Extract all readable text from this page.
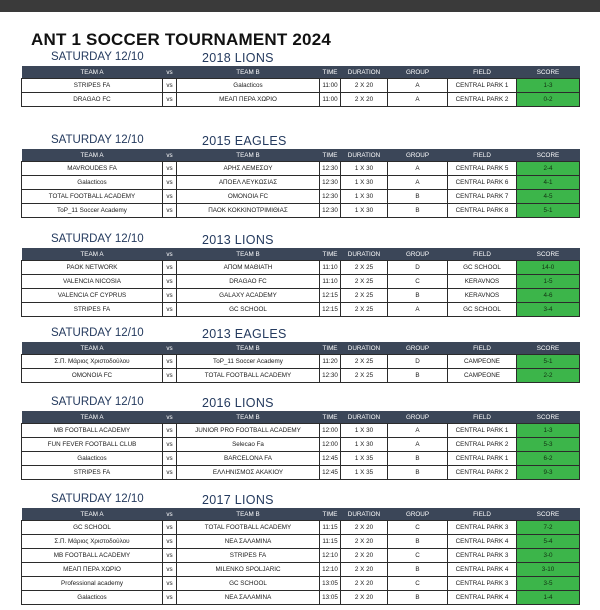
ANT 1 SOCCER TOURNAMENT 2024
SATURDAY 12/10	2018 LIONS
TEAM A	vs	TEAM B	TIME	DURATION	GROUP	FIELD	SCORE
STRIPES FA	vs	Galacticos	11:00	2 X 20	A	CENTRAL PARK 1	1-3
DRAGAO FC	vs	ΜΕΑΠ ΠΕΡΑ ΧΩΡΙΟ	11:00	2 X 20	A	CENTRAL PARK 2	0-2
SATURDAY 12/10	2015 EAGLES
TEAM A	vs	TEAM B	TIME	DURATION	GROUP	FIELD	SCORE
MAVROUDES FA	vs	ΑΡΗΣ ΛΕΜΕΣΟΥ	12:30	1 X 30	A	CENTRAL PARK 5	2-4
Galacticos	vs	ΑΠΟΕΛ ΛΕΥΚΩΣΙΑΣ	12:30	1 X 30	A	CENTRAL PARK 6	4-1
TOTAL FOOTBALL ACADEMY	vs	OMONOIA FC	12:30	1 X 30	B	CENTRAL PARK 7	4-5
ToP_11 Soccer Academy	vs	ΠΑΟΚ ΚΟΚΚΙΝΟΤΡΙΜΙΘΙΑΣ	12:30	1 X 30	B	CENTRAL PARK 8	5-1
SATURDAY 12/10	2013 LIONS
TEAM A	vs	TEAM B	TIME	DURATION	GROUP	FIELD	SCORE
PAOK NETWORK	vs	ΑΠΟΜ ΜΑΘΙΑΤΗ	11:10	2 X 25	D	GC SCHOOL	14-0
VALENCIA NICOSIA	vs	DRAGAO FC	11:10	2 X 25	C	KERAVNOS	1-5
VALENCIA CF CYPRUS	vs	GALAXY ACADEMY	12:15	2 X 25	B	KERAVNOS	4-6
STRIPES FA	vs	GC SCHOOL	12:15	2 X 25	A	GC SCHOOL	3-4
SATURDAY 12/10	2013 EAGLES
TEAM A	vs	TEAM B	TIME	DURATION	GROUP	FIELD	SCORE
Σ.Π. Μάριος Χριστοδούλου	vs	ToP_11 Soccer Academy	11:20	2 X 25	D	CAMPEONE	5-1
OMONOIA FC	vs	TOTAL FOOTBALL ACADEMY	12:30	2 X 25	B	CAMPEONE	2-2
SATURDAY 12/10	2016 LIONS
TEAM A	vs	TEAM B	TIME	DURATION	GROUP	FIELD	SCORE
MB FOOTBALL ACADEMY	vs	JUNIOR PRO FOOTBALL ACADEMY	12:00	1 X 30	A	CENTRAL PARK 1	1-3
FUN FEVER FOOTBALL CLUB	vs	Selecao Fa	12:00	1 X 30	A	CENTRAL PARK 2	5-3
Galacticos	vs	BARCELONA FA	12:45	1 X 35	B	CENTRAL PARK 1	6-2
STRIPES FA	vs	ΕΛΛΗΝΙΣΜΟΣ ΑΚΑΚΙΟΥ	12:45	1 X 35	B	CENTRAL PARK 2	9-3
SATURDAY 12/10	2017 LIONS
TEAM A	vs	TEAM B	TIME	DURATION	GROUP	FIELD	SCORE
GC SCHOOL	vs	TOTAL FOOTBALL ACADEMY	11:15	2 X 20	C	CENTRAL PARK 3	7-2
Σ.Π. Μάριος Χριστοδούλου	vs	ΝΕΑ ΣΑΛΑΜΙΝΑ	11:15	2 X 20	B	CENTRAL PARK 4	5-4
MB FOOTBALL ACADEMY	vs	STRIPES FA	12:10	2 X 20	C	CENTRAL PARK 3	3-0
ΜΕΑΠ ΠΕΡΑ ΧΩΡΙΟ	vs	MILENKO SPOLJARIC	12:10	2 X 20	B	CENTRAL PARK 4	3-10
Professional academy	vs	GC SCHOOL	13:05	2 X 20	C	CENTRAL PARK 3	3-5
Galacticos	vs	ΝΕΑ ΣΑΛΑΜΙΝΑ	13:05	2 X 20	B	CENTRAL PARK 4	1-4
